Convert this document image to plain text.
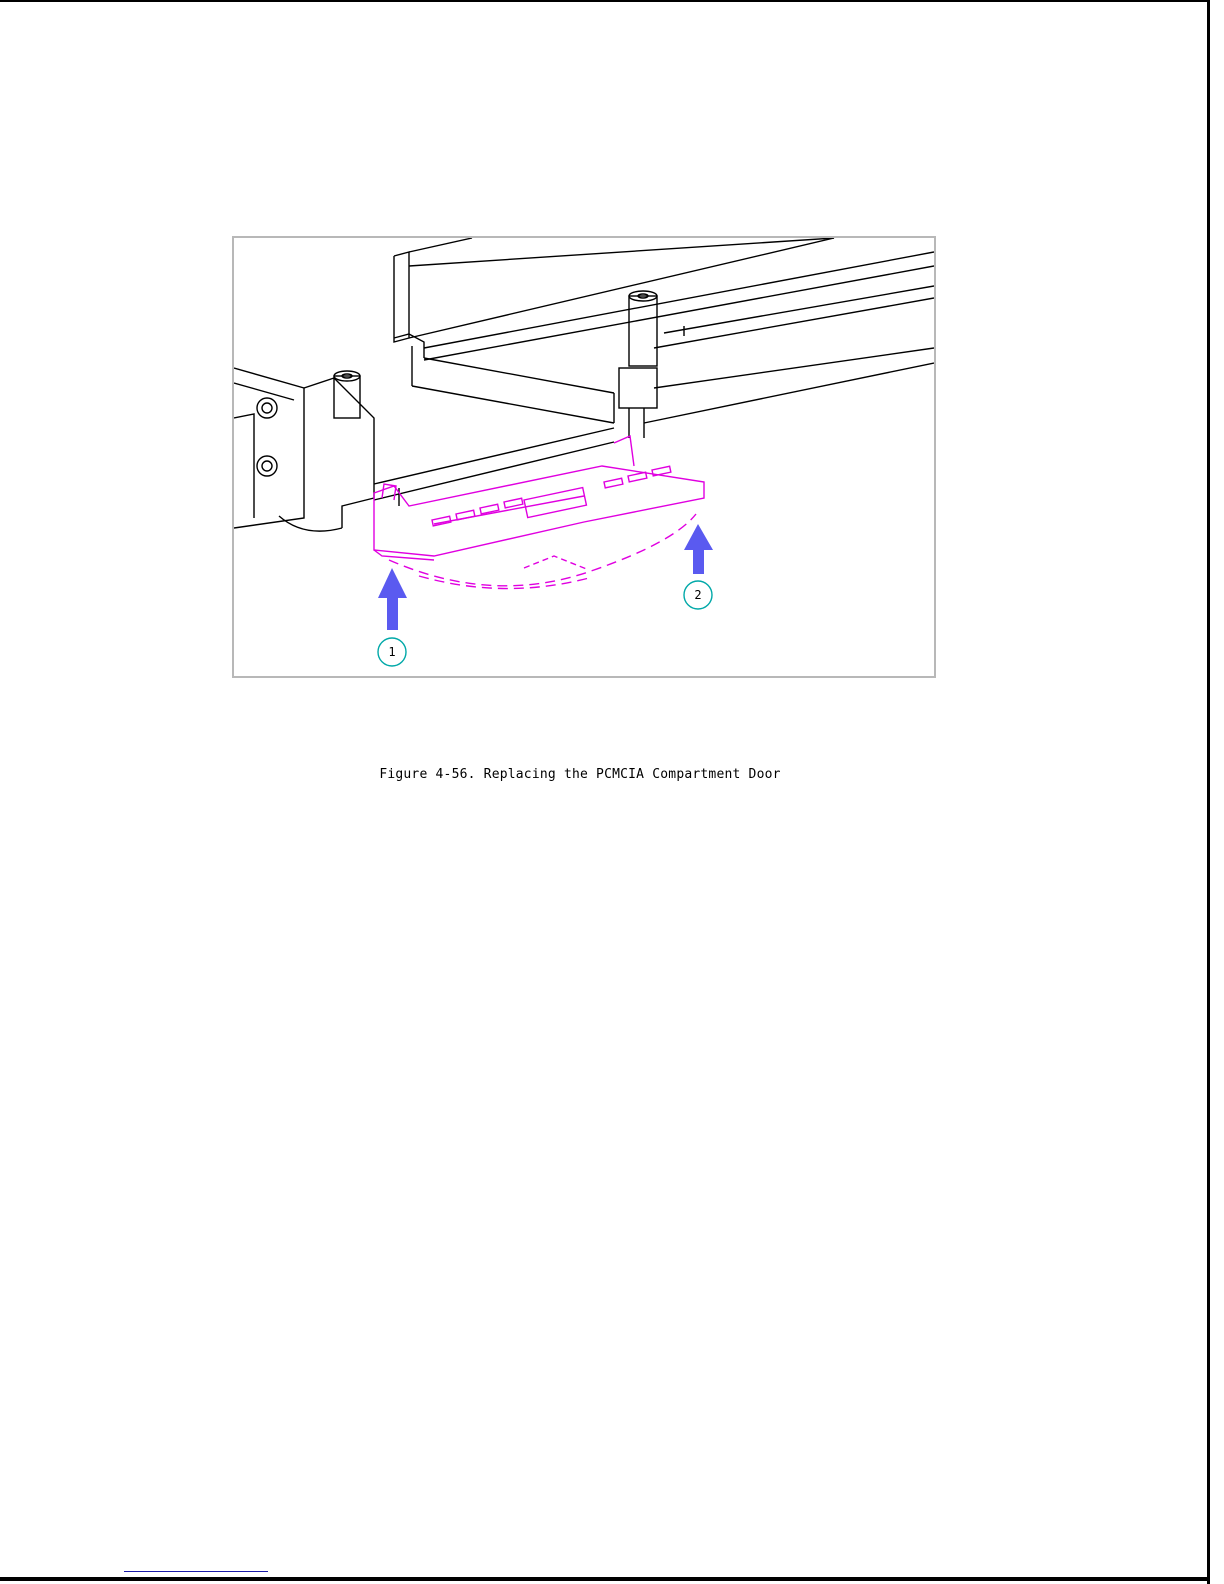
1
2
Figure 4-56. Replacing the PCMCIA Compartment Door
